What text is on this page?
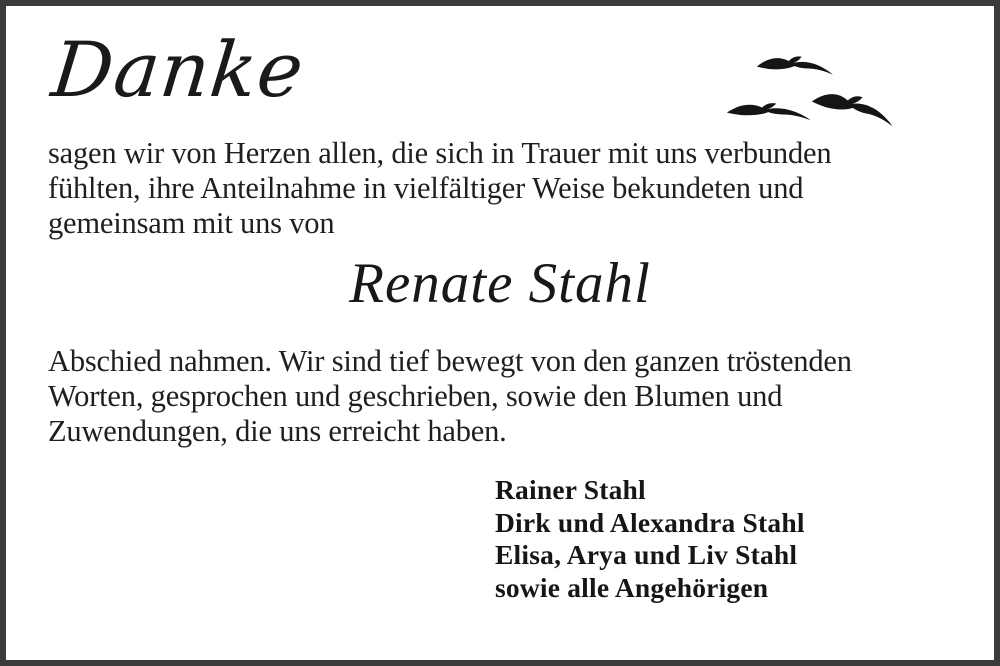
Danke
sagen wir von Herzen allen, die sich in Trauer mit uns verbunden
fühlten, ihre Anteilnahme in vielfältiger Weise bekundeten und
gemeinsam mit uns von
Renate Stahl
Abschied nahmen. Wir sind tief bewegt von den ganzen tröstenden
Worten, gesprochen und geschrieben, sowie den Blumen und
Zuwendungen, die uns erreicht haben.
Rainer Stahl
Dirk und Alexandra Stahl
Elisa, Arya und Liv Stahl
sowie alle Angehörigen
